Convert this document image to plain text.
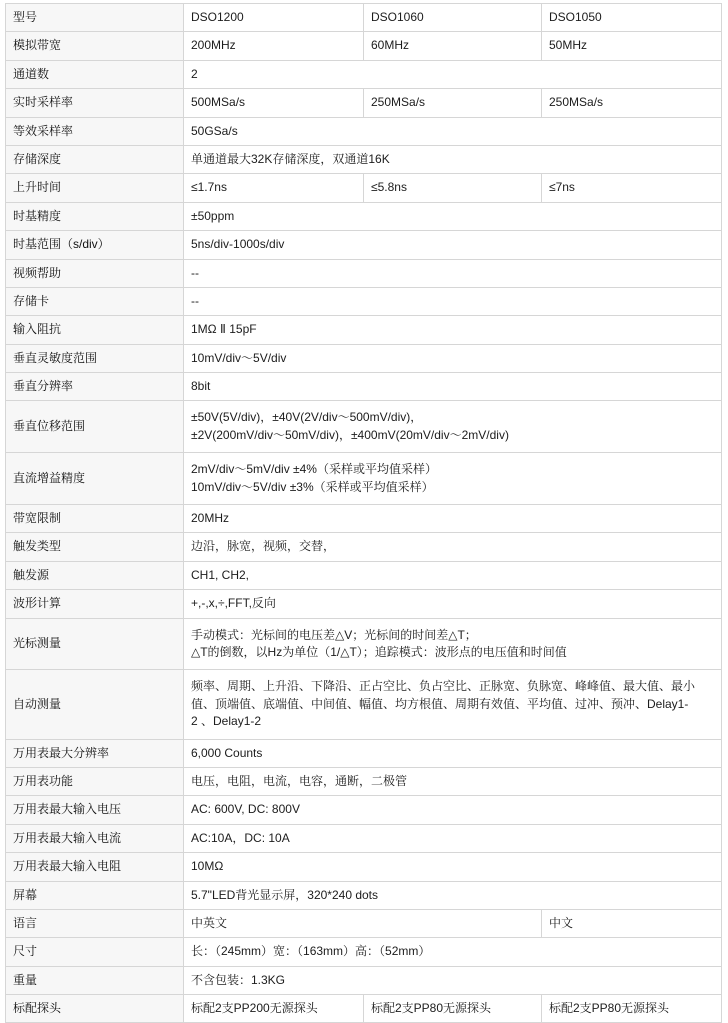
型号	DSO1200	DSO1060	DSO1050
模拟带宽	200MHz	60MHz	50MHz
通道数	2		
实时采样率	500MSa/s	250MSa/s	250MSa/s
等效采样率	50GSa/s		
存储深度	单通道最大32K存储深度，双通道16K		
上升时间	≤1.7ns	≤5.8ns	≤7ns
时基精度	±50ppm		
时基范围（s/div）	5ns/div-1000s/div		
视频帮助	--		
存储卡	--		
输入阻抗	1MΩ Ⅱ 15pF		
垂直灵敏度范围	10mV/div～5V/div		
垂直分辨率	8bit		
垂直位移范围	±50V(5V/div)，±40V(2V/div～500mV/div)，
±2V(200mV/div～50mV/div)，±400mV(20mV/div～2mV/div)		

直流增益精度	2mV/div～5mV/div ±4%（采样或平均值采样）
10mV/div～5V/div ±3%（采样或平均值采样）		

带宽限制	20MHz		
触发类型	边沿，脉宽，视频，交替，		
触发源	CH1, CH2,		
波形计算	+,-,x,÷,FFT,反向		
光标测量	手动模式：光标间的电压差△V；光标间的时间差△T；
△T的倒数，以Hz为单位（1/△T）；追踪模式：波形点的电压值和时间值		

自动测量	频率、周期、上升沿、下降沿、正占空比、负占空比、正脉宽、负脉宽、峰峰值、最大值、最小
值、顶端值、底端值、中间值、幅值、均方根值、周期有效值、平均值、过冲、预冲、Delay1-
2 、Delay1-2		

万用表最大分辨率	6,000 Counts		
万用表功能	电压，电阻，电流，电容，通断，二极管		
万用表最大输入电压	AC: 600V, DC: 800V		
万用表最大输入电流	AC:10A，DC: 10A		
万用表最大输入电阻	10MΩ		
屏幕	5.7"LED背光显示屏，320*240 dots		
语言	中英文		中文
尺寸	长：（245mm）宽：（163mm）高：（52mm）		
重量	不含包装：1.3KG		
标配探头	标配2支PP200无源探头	标配2支PP80无源探头	标配2支PP80无源探头
